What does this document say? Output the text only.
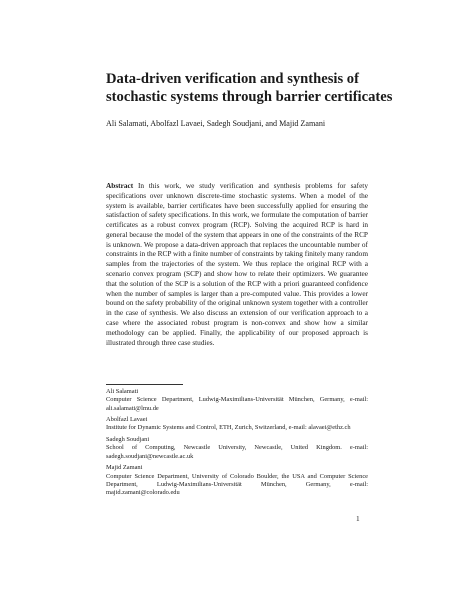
Data-driven verification and synthesis of stochastic systems through barrier certificates
Ali Salamati, Abolfazl Lavaei, Sadegh Soudjani, and Majid Zamani

Abstract In this work, we study verification and synthesis problems for safety specifications over unknown discrete-time stochastic systems. When a model of the system is available, barrier certificates have been successfully applied for ensuring the satisfaction of safety specifications. In this work, we formulate the computation of barrier certificates as a robust convex program (RCP). Solving the acquired RCP is hard in general because the model of the system that appears in one of the constraints of the RCP is unknown. We propose a data-driven approach that replaces the uncountable number of constraints in the RCP with a finite number of constraints by taking finitely many random samples from the trajectories of the system. We thus replace the original RCP with a scenario convex program (SCP) and show how to relate their optimizers. We guarantee that the solution of the SCP is a solution of the RCP with a priori guaranteed confidence when the number of samples is larger than a pre-computed value. This provides a lower bound on the safety probability of the original unknown system together with a controller in the case of synthesis. We also discuss an extension of our verification approach to a case where the associated robust program is non-convex and show how a similar methodology can be applied. Finally, the applicability of our proposed approach is illustrated through three case studies.

Ali Salamati
Computer Science Department, Ludwig-Maximilians-Universität München, Germany, e-mail: ali.salamati@lmu.de
Abolfazl Lavaei
Institute for Dynamic Systems and Control, ETH, Zurich, Switzerland, e-mail: alavaei@ethz.ch
Sadegh Soudjani
School of Computing, Newcastle University, Newcastle, United Kingdom. e-mail: sadegh.soudjani@newcastle.ac.uk
Majid Zamani
Computer Science Department, University of Colorado Boulder, the USA and Computer Science Department, Ludwig-Maximilians-Universität München, Germany, e-mail: majid.zamani@colorado.edu
1
